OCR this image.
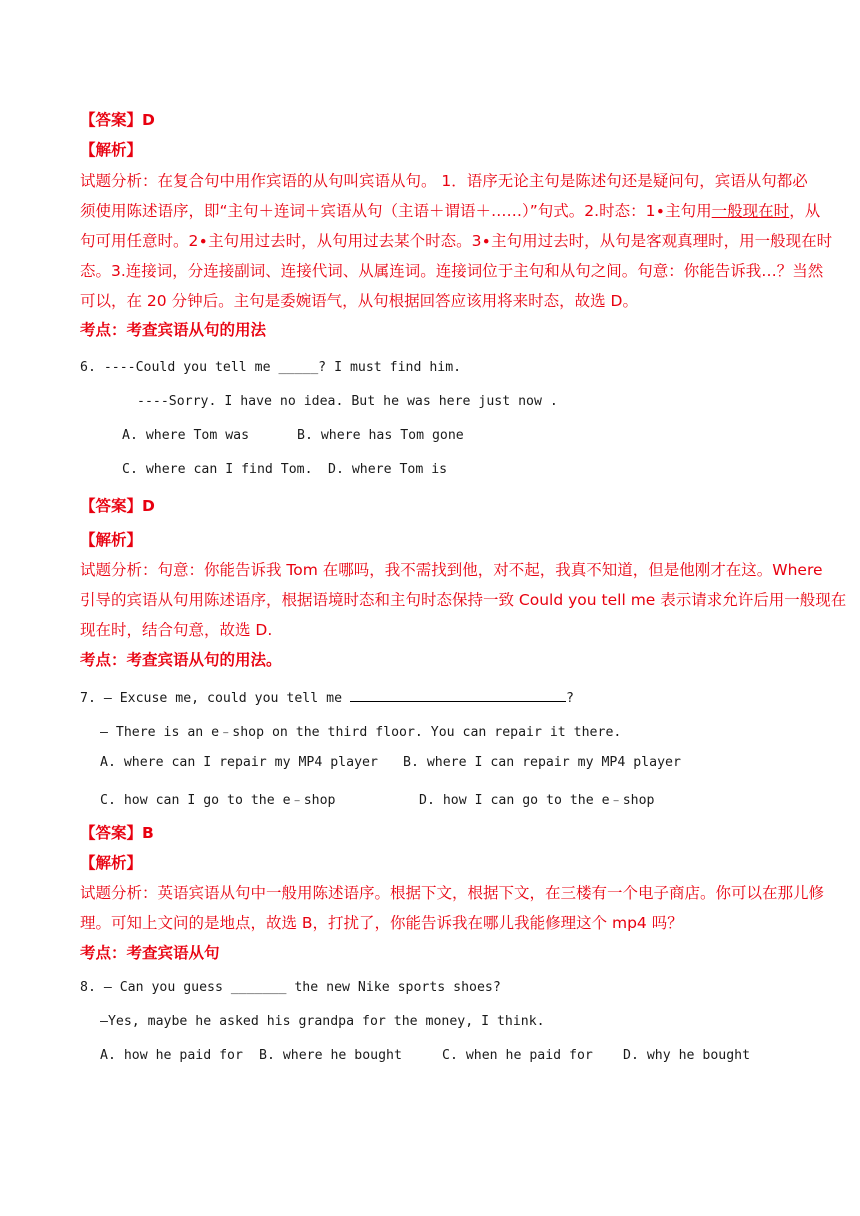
【答案】D
【解析】
试题分析：在复合句中用作宾语的从句叫宾语从句。 1．语序无论主句是陈述句还是疑问句，宾语从句都必
须使用陈述语序，即“主句＋连词＋宾语从句（主语＋谓语＋……）”句式。2.时态：1∙主句用一般现在时，从
句可用任意时。2∙主句用过去时，从句用过去某个时态。3∙主句用过去时，从句是客观真理时，用一般现在时
态。3.连接词，分连接副词、连接代词、从属连词。连接词位于主句和从句之间。句意：你能告诉我…？当然
可以，在 20 分钟后。主句是委婉语气，从句根据回答应该用将来时态，故选 D。
考点：考查宾语从句的用法
6. ----Could you tell me _____? I must find him.
----Sorry. I have no idea. But he was here just now .
A. where Tom was	B. where has Tom gone
C. where can I find Tom. D. where Tom is
【答案】D
【解析】
试题分析：句意：你能告诉我 Tom 在哪吗，我不需找到他，对不起，我真不知道，但是他刚才在这。Where
引导的宾语从句用陈述语序，根据语境时态和主句时态保持一致 Could you tell me 表示请求允许后用一般现在
现在时，结合句意，故选 D.
考点：考查宾语从句的用法。
7. — Excuse me, could you tell me	?
— There is an e﹣shop on the third floor. You can repair it there.
A. where can I repair my MP4 player B. where I can repair my MP4 player
C. how can I go to the e﹣shop	D. how I can go to the e﹣shop
【答案】B
【解析】
试题分析：英语宾语从句中一般用陈述语序。根据下文，根据下文，在三楼有一个电子商店。你可以在那儿修
理。可知上文问的是地点，故选 B，打扰了，你能告诉我在哪儿我能修理这个 mp4 吗？
考点：考查宾语从句
8. — Can you guess _______ the new Nike sports shoes?
—Yes, maybe he asked his grandpa for the money, I think.
A. how he paid for B. where he bought	C. when he paid for D. why he bought
